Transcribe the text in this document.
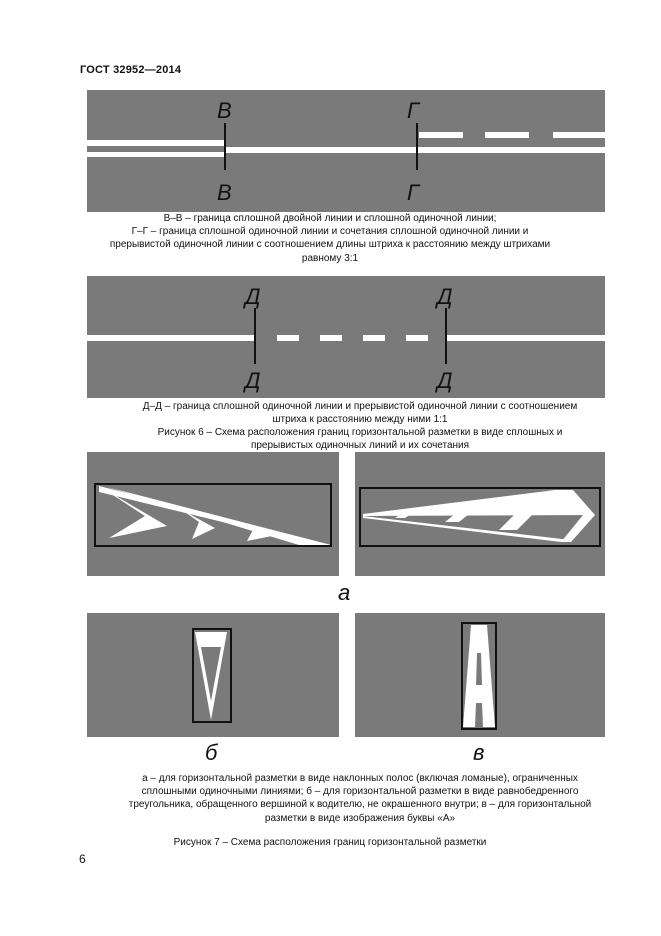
ГОСТ 32952—2014
В
В
Г
Г
В–В – граница сплошной двойной линии и сплошной одиночной линии;
Г–Г – граница сплошной одиночной линии и сочетания сплошной одиночной линии и
прерывистой одиночной линии с соотношением длины штриха к расстоянию между штрихами
равному 3:1
Д
Д
Д
Д
Д–Д – граница сплошной одиночной линии и прерывистой одиночной линии с соотношением
штриха к расстоянию между ними 1:1
Рисунок 6 – Схема расположения границ горизонтальной разметки в виде сплошных и
прерывистых одиночных линий и их сочетания
а
б	в
а – для горизонтальной разметки в виде наклонных полос (включая ломаные), ограниченных
сплошными одиночными линиями; б – для горизонтальной разметки в виде равнобедренного
треугольника, обращенного вершиной к водителю, не окрашенного внутри; в – для горизонтальной
разметки в виде изображения буквы «А»
Рисунок 7 – Схема расположения границ горизонтальной разметки
6
